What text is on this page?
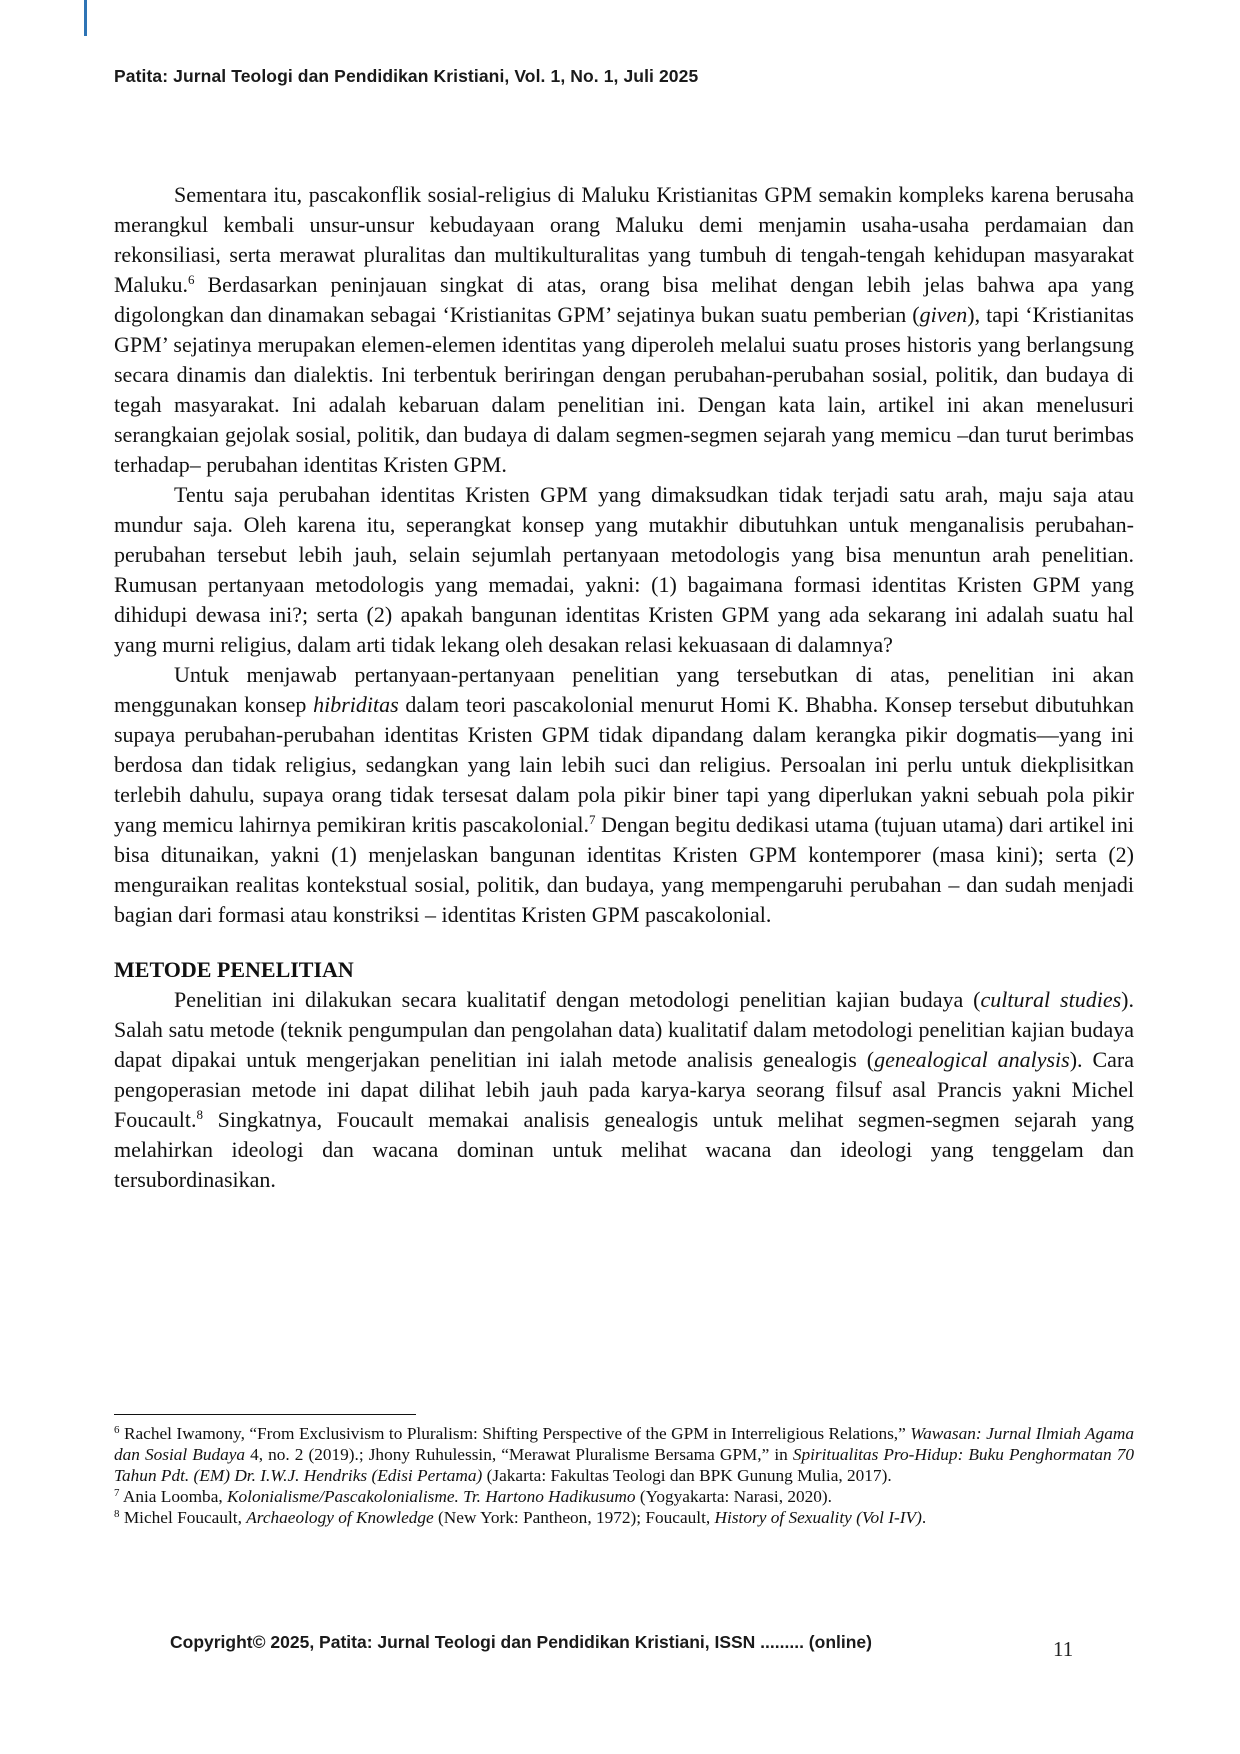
Patita: Jurnal Teologi dan Pendidikan Kristiani, Vol. 1, No. 1, Juli 2025

Sementara itu, pascakonflik sosial-religius di Maluku Kristianitas GPM semakin kompleks karena berusaha merangkul kembali unsur-unsur kebudayaan orang Maluku demi menjamin usaha-usaha perdamaian dan rekonsiliasi, serta merawat pluralitas dan multikulturalitas yang tumbuh di tengah-tengah kehidupan masyarakat Maluku.$^6$ Berdasarkan peninjauan singkat di atas, orang bisa melihat dengan lebih jelas bahwa apa yang digolongkan dan dinamakan sebagai ‘Kristianitas GPM’ sejatinya bukan suatu pemberian (given), tapi ‘Kristianitas GPM’ sejatinya merupakan elemen-elemen identitas yang diperoleh melalui suatu proses historis yang berlangsung secara dinamis dan dialektis. Ini terbentuk beriringan dengan perubahan-perubahan sosial, politik, dan budaya di tegah masyarakat. Ini adalah kebaruan dalam penelitian ini. Dengan kata lain, artikel ini akan menelusuri serangkaian gejolak sosial, politik, dan budaya di dalam segmen-segmen sejarah yang memicu –dan turut berimbas terhadap– perubahan identitas Kristen GPM.

Tentu saja perubahan identitas Kristen GPM yang dimaksudkan tidak terjadi satu arah, maju saja atau mundur saja. Oleh karena itu, seperangkat konsep yang mutakhir dibutuhkan untuk menganalisis perubahan-perubahan tersebut lebih jauh, selain sejumlah pertanyaan metodologis yang bisa menuntun arah penelitian. Rumusan pertanyaan metodologis yang memadai, yakni: (1) bagaimana formasi identitas Kristen GPM yang dihidupi dewasa ini?; serta (2) apakah bangunan identitas Kristen GPM yang ada sekarang ini adalah suatu hal yang murni religius, dalam arti tidak lekang oleh desakan relasi kekuasaan di dalamnya?

Untuk menjawab pertanyaan-pertanyaan penelitian yang tersebutkan di atas, penelitian ini akan menggunakan konsep hibriditas dalam teori pascakolonial menurut Homi K. Bhabha. Konsep tersebut dibutuhkan supaya perubahan-perubahan identitas Kristen GPM tidak dipandang dalam kerangka pikir dogmatis—yang ini berdosa dan tidak religius, sedangkan yang lain lebih suci dan religius. Persoalan ini perlu untuk diekplisitkan terlebih dahulu, supaya orang tidak tersesat dalam pola pikir biner tapi yang diperlukan yakni sebuah pola pikir yang memicu lahirnya pemikiran kritis pascakolonial.$^7$ Dengan begitu dedikasi utama (tujuan utama) dari artikel ini bisa ditunaikan, yakni (1) menjelaskan bangunan identitas Kristen GPM kontemporer (masa kini); serta (2) menguraikan realitas kontekstual sosial, politik, dan budaya, yang mempengaruhi perubahan – dan sudah menjadi bagian dari formasi atau konstriksi – identitas Kristen GPM pascakolonial.

METODE PENELITIAN

Penelitian ini dilakukan secara kualitatif dengan metodologi penelitian kajian budaya (cultural studies). Salah satu metode (teknik pengumpulan dan pengolahan data) kualitatif dalam metodologi penelitian kajian budaya dapat dipakai untuk mengerjakan penelitian ini ialah metode analisis genealogis (genealogical analysis). Cara pengoperasian metode ini dapat dilihat lebih jauh pada karya-karya seorang filsuf asal Prancis yakni Michel Foucault.$^8$ Singkatnya, Foucault memakai analisis genealogis untuk melihat segmen-segmen sejarah yang melahirkan ideologi dan wacana dominan untuk melihat wacana dan ideologi yang tenggelam dan tersubordinasikan.

$^6$ Rachel Iwamony, “From Exclusivism to Pluralism: Shifting Perspective of the GPM in Interreligious Relations,” Wawasan: Jurnal Ilmiah Agama dan Sosial Budaya 4, no. 2 (2019).; Jhony Ruhulessin, “Merawat Pluralisme Bersama GPM,” in Spiritualitas Pro-Hidup: Buku Penghormatan 70 Tahun Pdt. (EM) Dr. I.W.J. Hendriks (Edisi Pertama) (Jakarta: Fakultas Teologi dan BPK Gunung Mulia, 2017).

$^7$ Ania Loomba, Kolonialisme/Pascakolonialisme. Tr. Hartono Hadikusumo (Yogyakarta: Narasi, 2020).

$^8$ Michel Foucault, Archaeology of Knowledge (New York: Pantheon, 1972); Foucault, History of Sexuality (Vol I-IV).

Copyright© 2025, Patita: Jurnal Teologi dan Pendidikan Kristiani, ISSN ......... (online)	11
